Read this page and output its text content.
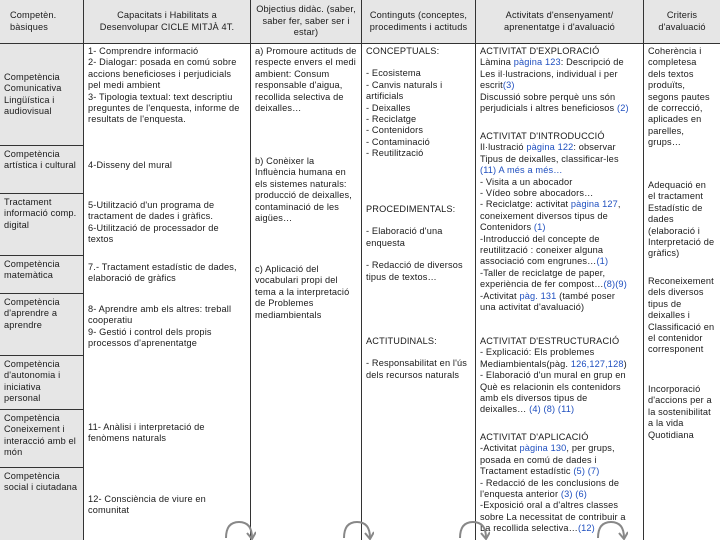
Competèn. bàsiques
Competència Comunicativa Lingüística i audiovisual
Competència artística i cultural
Tractament informació comp. digital
Competència matemàtica
Competència d'aprendre a aprendre
Competència d'autonomia i iniciativa personal
Competència Coneixement i interacció amb el món
Competència social i ciutadana
Capacitats i Habilitats a Desenvolupar CICLE MITJÀ 4T.
1- Comprendre informació
2- Dialogar: posada en comú sobre accions beneficioses i perjudicials pel medi ambient
3- Tipologia textual: text descriptiu preguntes de l'enquesta, informe de resultats de l'enquesta.
4-Disseny del mural
5-Utilització d'un programa de tractament de dades i gràfics.
6-Utilització de processador de textos
7.- Tractament estadístic de dades, elaboració de gràfics
8- Aprendre amb els altres: treball cooperatiu
9- Gestió i control dels propis processos d'aprenentatge
11- Anàlisi i interpretació de fenòmens naturals
12- Consciència de viure en comunitat
Objectius didàc. (saber, saber fer, saber ser i estar)
a) Promoure actituds de respecte envers el medi ambient: Consum responsable d'aigua, recollida selectiva de deixalles…
b) Conèixer la Influència humana en els sistemes naturals: producció de deixalles, contaminació de les aigües…
c) Aplicació del vocabulari propi del tema a la interpretació de Problemes mediambientals
Continguts (conceptes, procediments i actituds
CONCEPTUALS:
- Ecosistema
- Canvis naturals i artificials
- Deixalles
- Reciclatge
- Contenidors
- Contaminació
- Reutilització
PROCEDIMENTALS:
- Elaboració d'una enquesta
- Redacció de diversos tipus de textos…
ACTITUDINALS:
- Responsabilitat en l'ús dels recursos naturals
Activitats d'ensenyament/ aprenentatge i d'avaluació
ACTIVITAT D'EXPLORACIÓ
Làmina pàgina 123: Descripció de
Les il·lustracions, individual i per
escrit(3)
Discussió sobre perquè uns són
perjudicials i altres beneficiosos (2)
ACTIVITAT D'INTRODUCCIÓ
Il·lustració pàgina 122: observar
Tipus de deixalles, classificar-les
(11) A més a més…
- Visita a un abocador
- Vídeo sobre abocadors…
- Reciclatge: activitat pàgina 127,
coneixement diversos tipus de
Contenidors (1)
-Introducció del concepte de
reutilització : coneixer alguna
associació com engrunes…(1)
-Taller de reciclatge de paper,
experiència de fer compost…(8)(9)
-Activitat pàg. 131 (també poser
una activitat d'avaluació)
ACTIVITAT D'ESTRUCTURACIÓ
- Explicació: Els problemes
Mediambientals(pàg. 126,127,128)
- Elaboració d'un mural en grup en
Què es relacionin els contenidors
amb els diversos tipus de
deixalles… (4) (8) (11)
ACTIVITAT D'APLICACIÓ
-Activitat pàgina 130, per grups,
posada en comú de dades i
Tractament estadístic (5) (7)
- Redacció de les conclusions de
l'enquesta anterior (3) (6)
-Exposició oral a d'altres classes
sobre La necessitat de contribuir a
La recollida selectiva…(12)
Criteris d'avaluació
Coherència i completesa dels textos produïts, segons pautes de correcció, aplicades en parelles, grups…
Adequació en el tractament Estadístic de dades (elaboració i Interpretació de gràfics)
Reconeixement dels diversos tipus de deixalles i Classificació en el contenidor corresponent
Incorporació d'accions per a la sostenibilitat a la vida Quotidiana
